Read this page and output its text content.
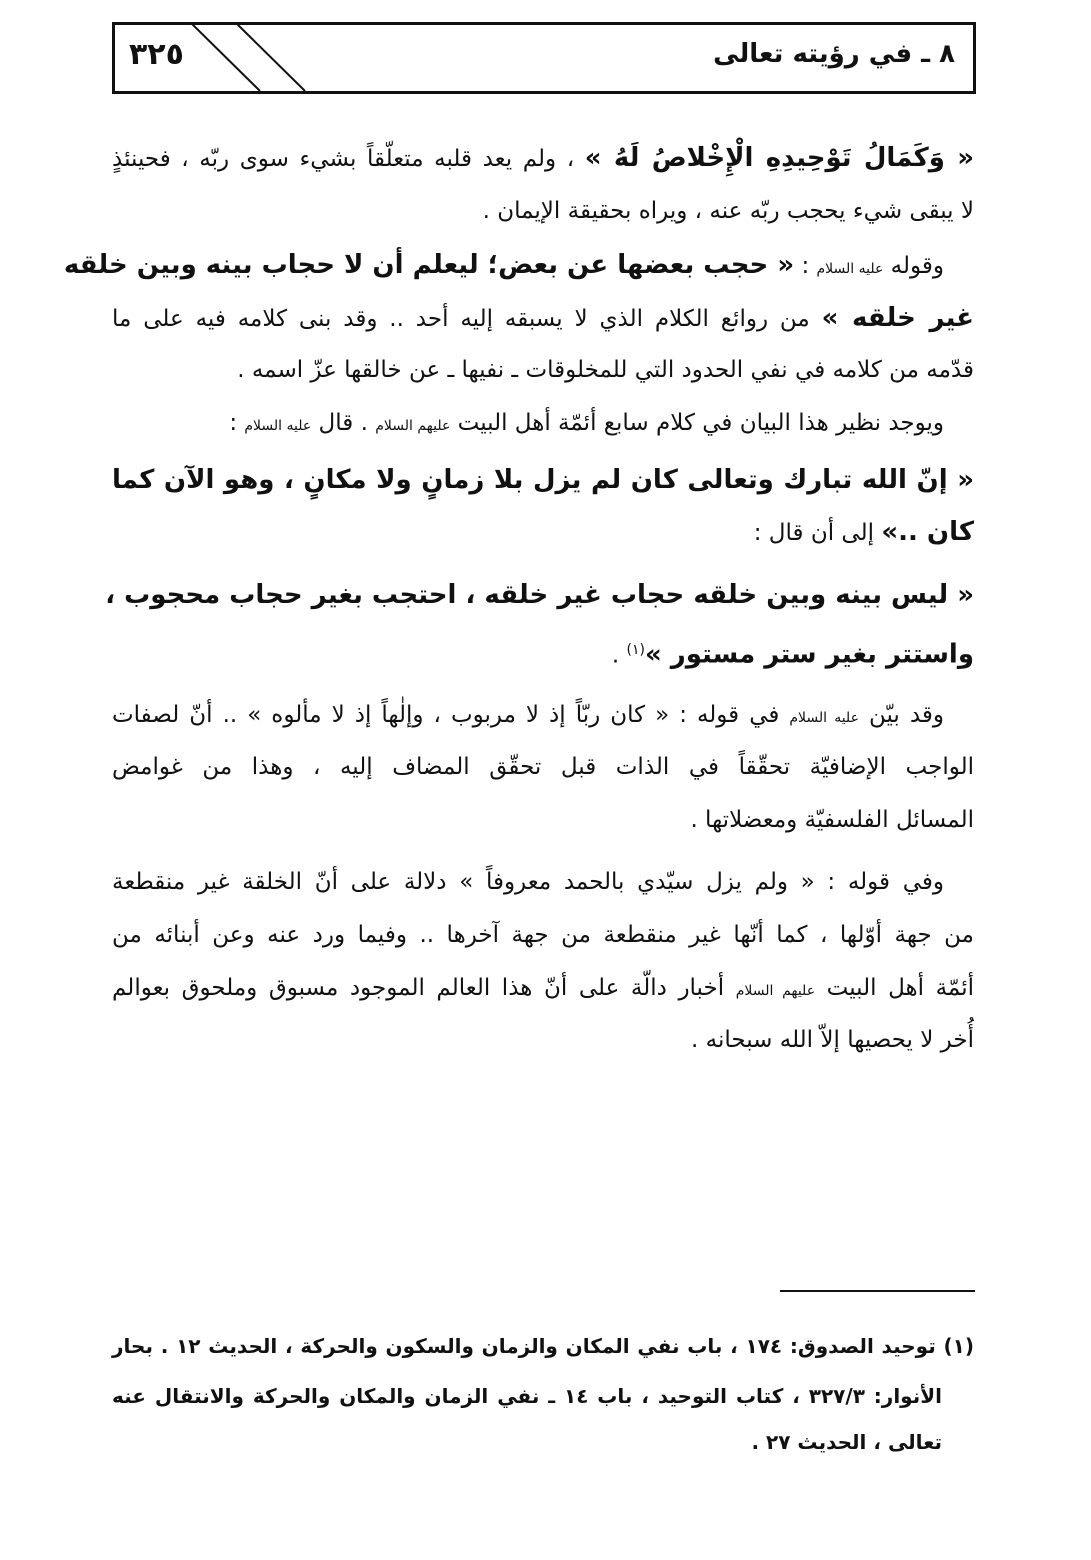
٣٢٥	٨ ـ في رؤيته تعالى
« وَكَمَالُ تَوْحِيدِهِ الْإِخْلاصُ لَهُ » ، ولم يعد قلبه متعلّقاً بشيء سوى ربّه ، فحينئذٍ
لا يبقى شيء يحجب ربّه عنه ، ويراه بحقيقة الإيمان .
وقوله عليه السلام : « حجب بعضها عن بعض؛ ليعلم أن لا حجاب بينه وبين خلقه
غير خلقه » من روائع الكلام الذي لا يسبقه إليه أحد .. وقد بنى كلامه فيه على ما
قدّمه من كلامه في نفي الحدود التي للمخلوقات ـ نفيها ـ عن خالقها عزّ اسمه .
ويوجد نظير هذا البيان في كلام سابع أئمّة أهل البيت عليهم السلام . قال عليه السلام :
« إنّ الله تبارك وتعالى كان لم يزل بلا زمانٍ ولا مكانٍ ، وهو الآن كما
كان ..» إلى أن قال :
« ليس بينه وبين خلقه حجاب غير خلقه ، احتجب بغير حجاب محجوب ،
واستتر بغير ستر مستور »$^{(١)}$ .
وقد بيّن عليه السلام في قوله : « كان ربّاً إذ لا مربوب ، وإلٰهاً إذ لا مألوه » .. أنّ لصفات
الواجب الإضافيّة تحقّقاً في الذات قبل تحقّق المضاف إليه ، وهذا من غوامض
المسائل الفلسفيّة ومعضلاتها .
وفي قوله : « ولم يزل سيّدي بالحمد معروفاً » دلالة على أنّ الخلقة غير منقطعة
من جهة أوّلها ، كما أنّها غير منقطعة من جهة آخرها .. وفيما ورد عنه وعن أبنائه من
أئمّة أهل البيت عليهم السلام أخبار دالّة على أنّ هذا العالم الموجود مسبوق وملحوق بعوالم
أُخر لا يحصيها إلاّ الله سبحانه .
(١) توحيد الصدوق: ١٧٤ ، باب نفي المكان والزمان والسكون والحركة ، الحديث ١٢ . بحار
الأنوار: ٣٢٧/٣ ، كتاب التوحيد ، باب ١٤ ـ نفي الزمان والمكان والحركة والانتقال عنه
تعالى ، الحديث ٢٧ .
